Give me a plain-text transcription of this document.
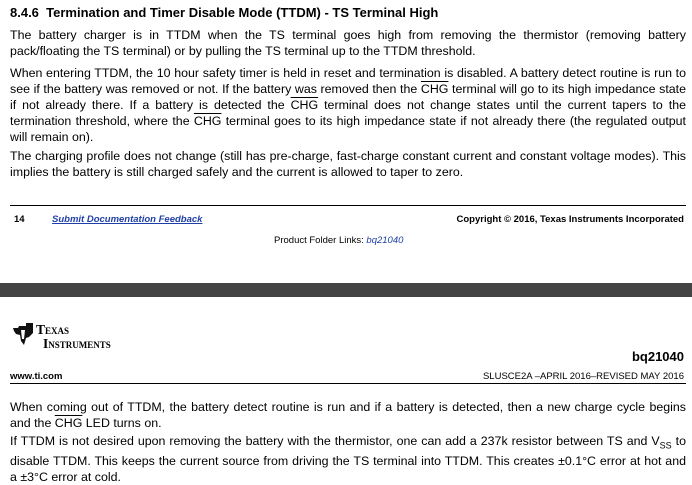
8.4.6 Termination and Timer Disable Mode (TTDM) - TS Terminal High
The battery charger is in TTDM when the TS terminal goes high from removing the thermistor (removing battery pack/floating the TS terminal) or by pulling the TS terminal up to the TTDM threshold.
When entering TTDM, the 10 hour safety timer is held in reset and termination is disabled. A battery detect routine is run to see if the battery was removed or not. If the battery was removed then the $\overline{CHG}$ terminal will go to its high impedance state if not already there. If a battery is detected the $\overline{CHG}$ terminal does not change states until the current tapers to the termination threshold, where the $\overline{CHG}$ terminal goes to its high impedance state if not already there (the regulated output will remain on).
The charging profile does not change (still has pre-charge, fast-charge constant current and constant voltage modes). This implies the battery is still charged safely and the current is allowed to taper to zero.
14	Submit Documentation Feedback	Copyright © 2016, Texas Instruments Incorporated
Product Folder Links: bq21040
Texas
Instruments
bq21040
www.ti.com	SLUSCE2A –APRIL 2016–REVISED MAY 2016
When coming out of TTDM, the battery detect routine is run and if a battery is detected, then a new charge cycle begins and the $\overline{CHG}$ LED turns on.
If TTDM is not desired upon removing the battery with the thermistor, one can add a 237k resistor between TS and $V_{SS}$ to disable TTDM. This keeps the current source from driving the TS terminal into TTDM. This creates ±0.1°C error at hot and a ±3°C error at cold.
